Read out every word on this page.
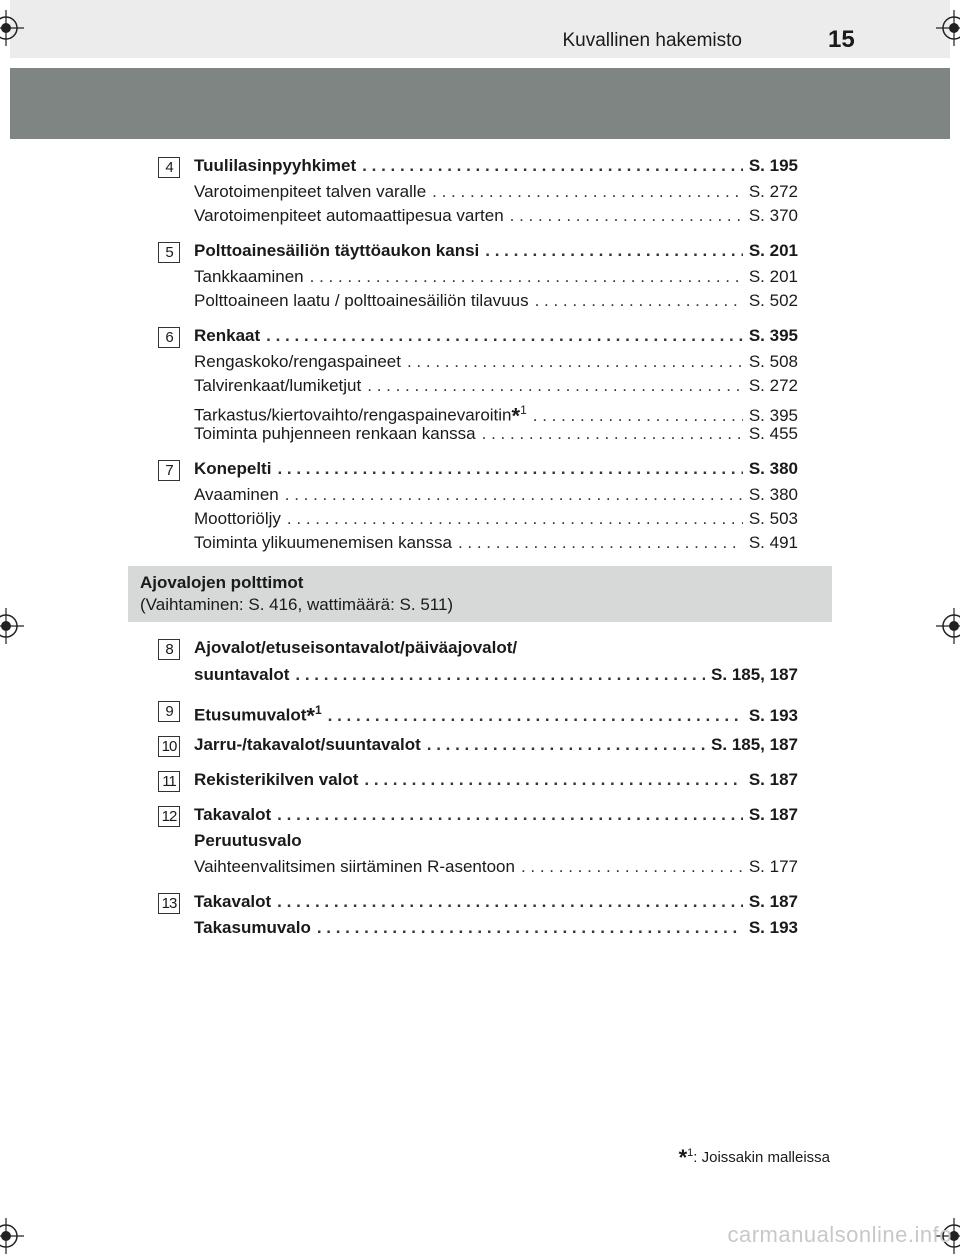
Kuvallinen hakemisto	15
4	Tuulilasinpyyhkimet . . .	S. 195
Varotoimenpiteet talven varalle . . .	S. 272
Varotoimenpiteet automaattipesua varten . . .	S. 370
5	Polttoainesäiliön täyttöaukon kansi . . .	S. 201
Tankkaaminen . . .	S. 201
Polttoaineen laatu / polttoainesäiliön tilavuus . . .	S. 502
6	Renkaat . . .	S. 395
Rengaskoko/rengaspaineet . . .	S. 508
Talvirenkaat/lumiketjut . . .	S. 272
Tarkastus/kiertovaihto/rengaspainevaroitin*$^1$ . . .	S. 395
Toiminta puhjenneen renkaan kanssa . . .	S. 455
7	Konepelti . . .	S. 380
Avaaminen . . .	S. 380
Moottoriöljy . . .	S. 503
Toiminta ylikuumenemisen kanssa . . .	S. 491
Ajovalojen polttimot
(Vaihtaminen: S. 416, wattimäärä: S. 511)
8	Ajovalot/etuseisontavalot/päiväajovalot/
suuntavalot . . .	S. 185, 187
9	Etusumuvalot*$^1$ . . .	S. 193
10 Jarru-/takavalot/suuntavalot . . .	S. 185, 187
11 Rekisterikilven valot . . .	S. 187
12 Takavalot . . .	S. 187
Peruutusvalo
Vaihteenvalitsimen siirtäminen R-asentoon . . .	S. 177
13 Takavalot . . .	S. 187
Takasumuvalo . . .	S. 193
*$^1$: Joissakin malleissa
carmanualsonline.info
